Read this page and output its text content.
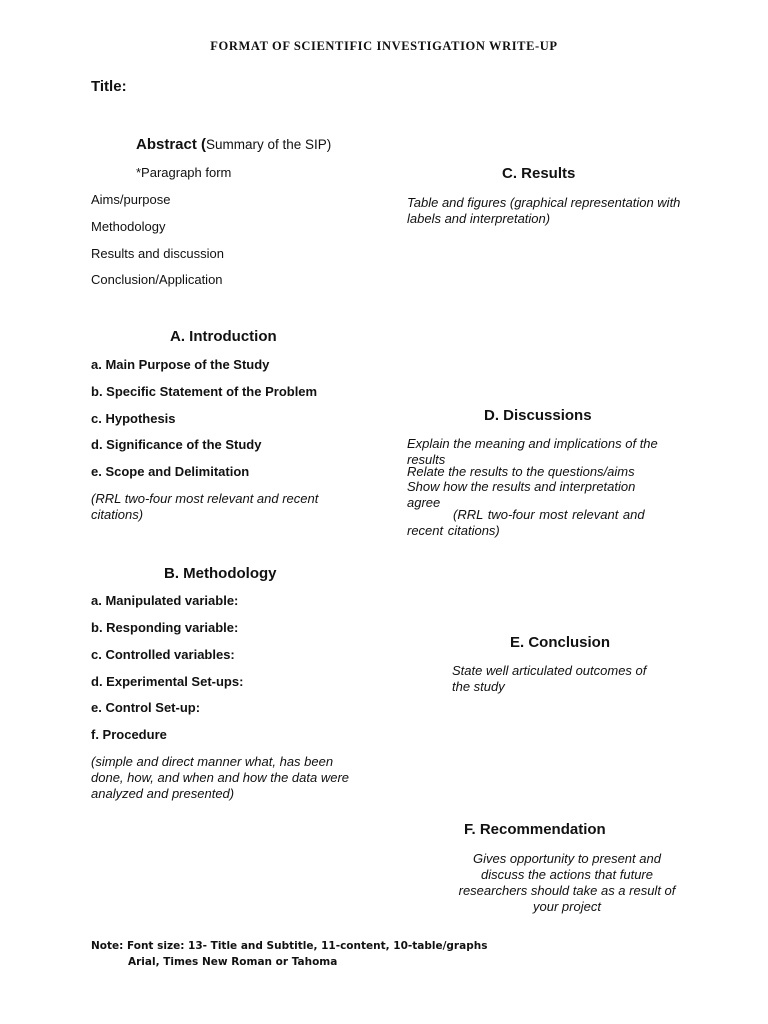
FORMAT OF SCIENTIFIC INVESTIGATION WRITE-UP
Title:
Abstract (Summary of the SIP)
*Paragraph form
Aims/purpose
Methodology
Results and discussion
Conclusion/Application
A. Introduction
a. Main Purpose of the Study
b. Specific Statement of the Problem
c. Hypothesis
d. Significance of the Study
e. Scope and Delimitation
(RRL two-four most relevant and recent citations)
B. Methodology
a. Manipulated variable:
b. Responding variable:
c. Controlled variables:
d. Experimental Set-ups:
e. Control Set-up:
f. Procedure
(simple and direct manner what, has been done, how, and when and how the data were analyzed and presented)
C. Results
Table and figures (graphical representation with labels and interpretation)
D. Discussions
Explain the meaning and implications of the results
Relate the results to the questions/aims
Show how the results and interpretation agree
(RRL two-four most relevant and recent citations)
E. Conclusion
State well articulated outcomes of the study
F. Recommendation
Gives opportunity to present and discuss the actions that future researchers should take as a result of your project
Note: Font size: 13- Title and Subtitle, 11-content, 10-table/graphs
Arial, Times New Roman or Tahoma
